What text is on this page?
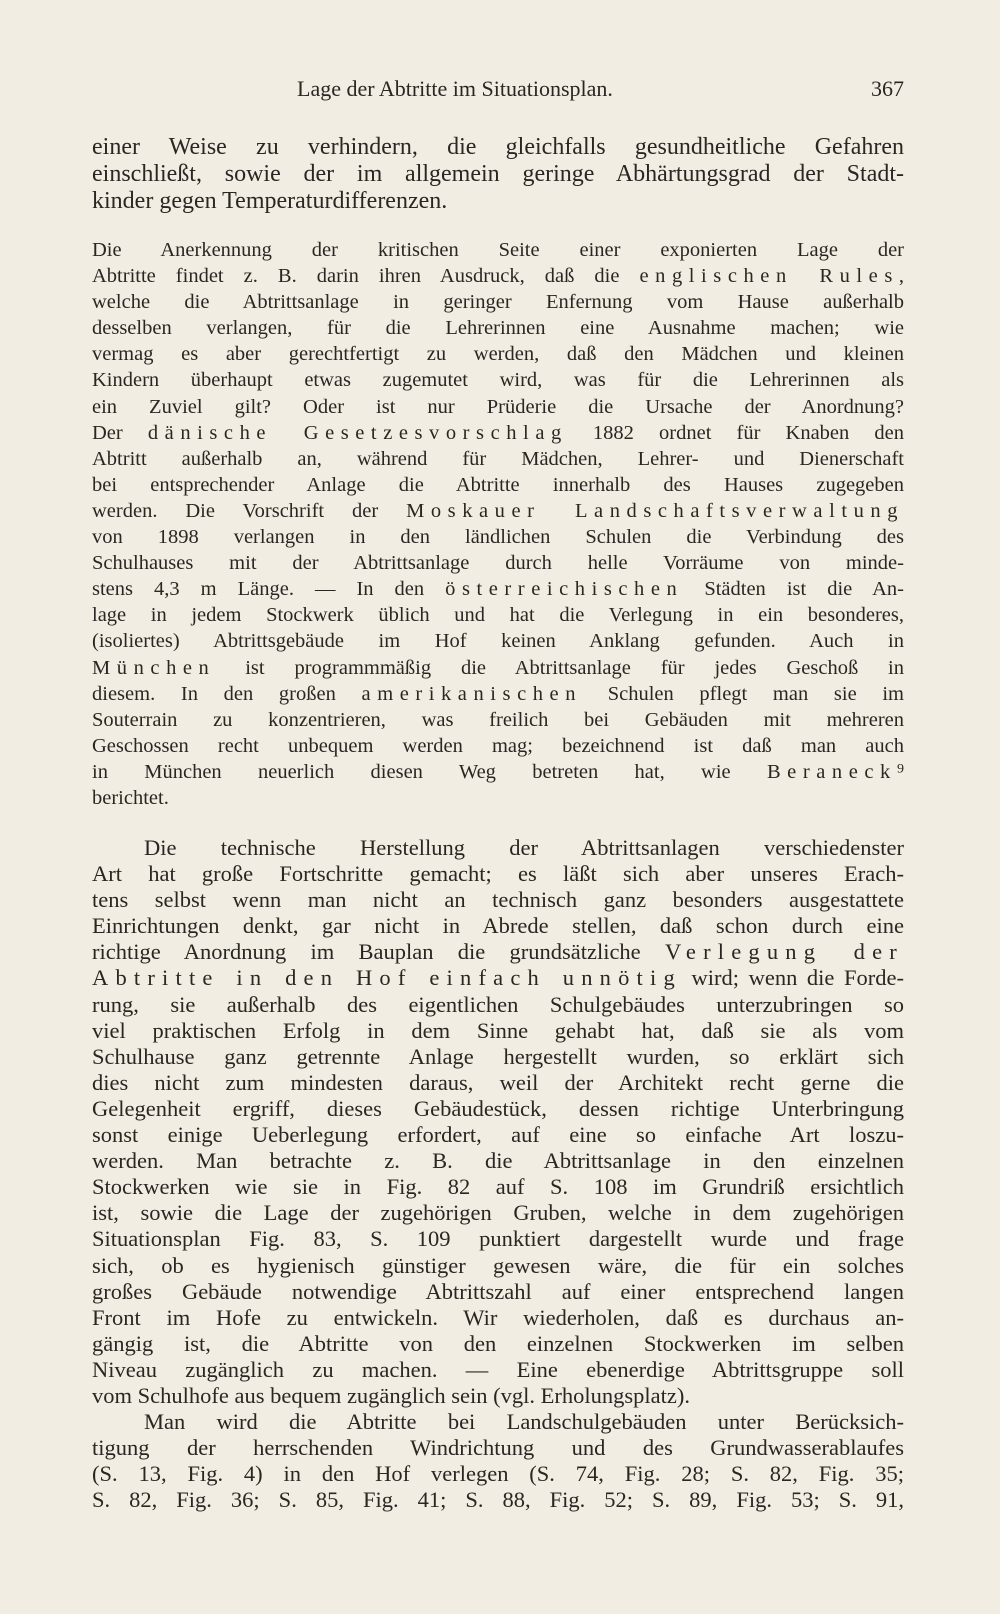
Lage der Abtritte im Situationsplan.	367
einer Weise zu verhindern, die gleichfalls gesundheitliche Gefahren
einschließt, sowie der im allgemein geringe Abhärtungsgrad der Stadt-
kinder gegen Temperaturdifferenzen.
Die Anerkennung der kritischen Seite einer exponierten Lage der
Abtritte findet z. B. darin ihren Ausdruck, daß die englischen Rules,
welche die Abtrittsanlage in geringer Enfernung vom Hause außerhalb
desselben verlangen, für die Lehrerinnen eine Ausnahme machen; wie
vermag es aber gerechtfertigt zu werden, daß den Mädchen und kleinen
Kindern überhaupt etwas zugemutet wird, was für die Lehrerinnen als
ein Zuviel gilt? Oder ist nur Prüderie die Ursache der Anordnung?
Der dänische Gesetzesvorschlag 1882 ordnet für Knaben den
Abtritt außerhalb an, während für Mädchen, Lehrer- und Dienerschaft
bei entsprechender Anlage die Abtritte innerhalb des Hauses zugegeben
werden. Die Vorschrift der Moskauer Landschaftsverwaltung
von 1898 verlangen in den ländlichen Schulen die Verbindung des
Schulhauses mit der Abtrittsanlage durch helle Vorräume von minde-
stens 4,3 m Länge. — In den österreichischen Städten ist die An-
lage in jedem Stockwerk üblich und hat die Verlegung in ein besonderes,
(isoliertes) Abtrittsgebäude im Hof keinen Anklang gefunden. Auch in
München ist programmmäßig die Abtrittsanlage für jedes Geschoß in
diesem. In den großen amerikanischen Schulen pflegt man sie im
Souterrain zu konzentrieren, was freilich bei Gebäuden mit mehreren
Geschossen recht unbequem werden mag; bezeichnend ist daß man auch
in München neuerlich diesen Weg betreten hat, wie Beraneck⁹
berichtet.
Die technische Herstellung der Abtrittsanlagen verschiedenster
Art hat große Fortschritte gemacht; es läßt sich aber unseres Erach-
tens selbst wenn man nicht an technisch ganz besonders ausgestattete
Einrichtungen denkt, gar nicht in Abrede stellen, daß schon durch eine
richtige Anordnung im Bauplan die grundsätzliche Verlegung der
Abtritte in den Hof einfach unnötig wird; wenn die Forde-
rung, sie außerhalb des eigentlichen Schulgebäudes unterzubringen so
viel praktischen Erfolg in dem Sinne gehabt hat, daß sie als vom
Schulhause ganz getrennte Anlage hergestellt wurden, so erklärt sich
dies nicht zum mindesten daraus, weil der Architekt recht gerne die
Gelegenheit ergriff, dieses Gebäudestück, dessen richtige Unterbringung
sonst einige Ueberlegung erfordert, auf eine so einfache Art loszu-
werden. Man betrachte z. B. die Abtrittsanlage in den einzelnen
Stockwerken wie sie in Fig. 82 auf S. 108 im Grundriß ersichtlich
ist, sowie die Lage der zugehörigen Gruben, welche in dem zugehörigen
Situationsplan Fig. 83, S. 109 punktiert dargestellt wurde und frage
sich, ob es hygienisch günstiger gewesen wäre, die für ein solches
großes Gebäude notwendige Abtrittszahl auf einer entsprechend langen
Front im Hofe zu entwickeln. Wir wiederholen, daß es durchaus an-
gängig ist, die Abtritte von den einzelnen Stockwerken im selben
Niveau zugänglich zu machen. — Eine ebenerdige Abtrittsgruppe soll
vom Schulhofe aus bequem zugänglich sein (vgl. Erholungsplatz).
Man wird die Abtritte bei Landschulgebäuden unter Berücksich-
tigung der herrschenden Windrichtung und des Grundwasserablaufes
(S. 13, Fig. 4) in den Hof verlegen (S. 74, Fig. 28; S. 82, Fig. 35;
S. 82, Fig. 36; S. 85, Fig. 41; S. 88, Fig. 52; S. 89, Fig. 53; S. 91,
